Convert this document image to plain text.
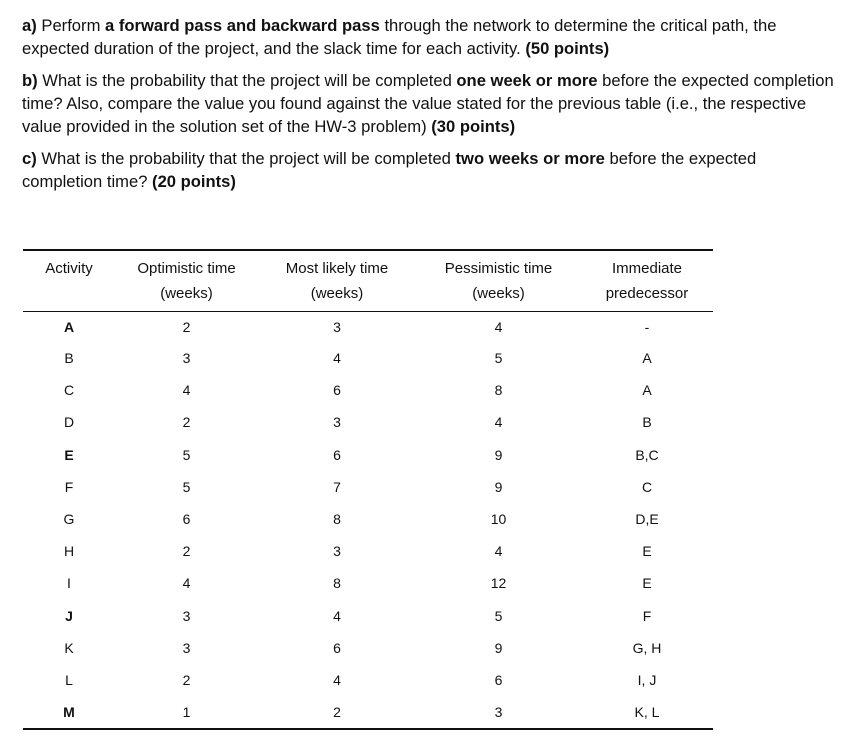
a) Perform a forward pass and backward pass through the network to determine the critical path, the expected duration of the project, and the slack time for each activity. (50 points)

b) What is the probability that the project will be completed one week or more before the expected completion time? Also, compare the value you found against the value stated for the previous table (i.e., the respective value provided in the solution set of the HW-3 problem) (30 points)

c) What is the probability that the project will be completed two weeks or more before the expected completion time? (20 points)

Activity	Optimistic time	Most likely time	Pessimistic time	Immediate
	(weeks)	(weeks)	(weeks)	predecessor
A	2	3	4	-
B	3	4	5	A
C	4	6	8	A
D	2	3	4	B
E	5	6	9	B,C
F	5	7	9	C
G	6	8	10	D,E
H	2	3	4	E
I	4	8	12	E
J	3	4	5	F
K	3	6	9	G, H
L	2	4	6	I, J
M	1	2	3	K, L
